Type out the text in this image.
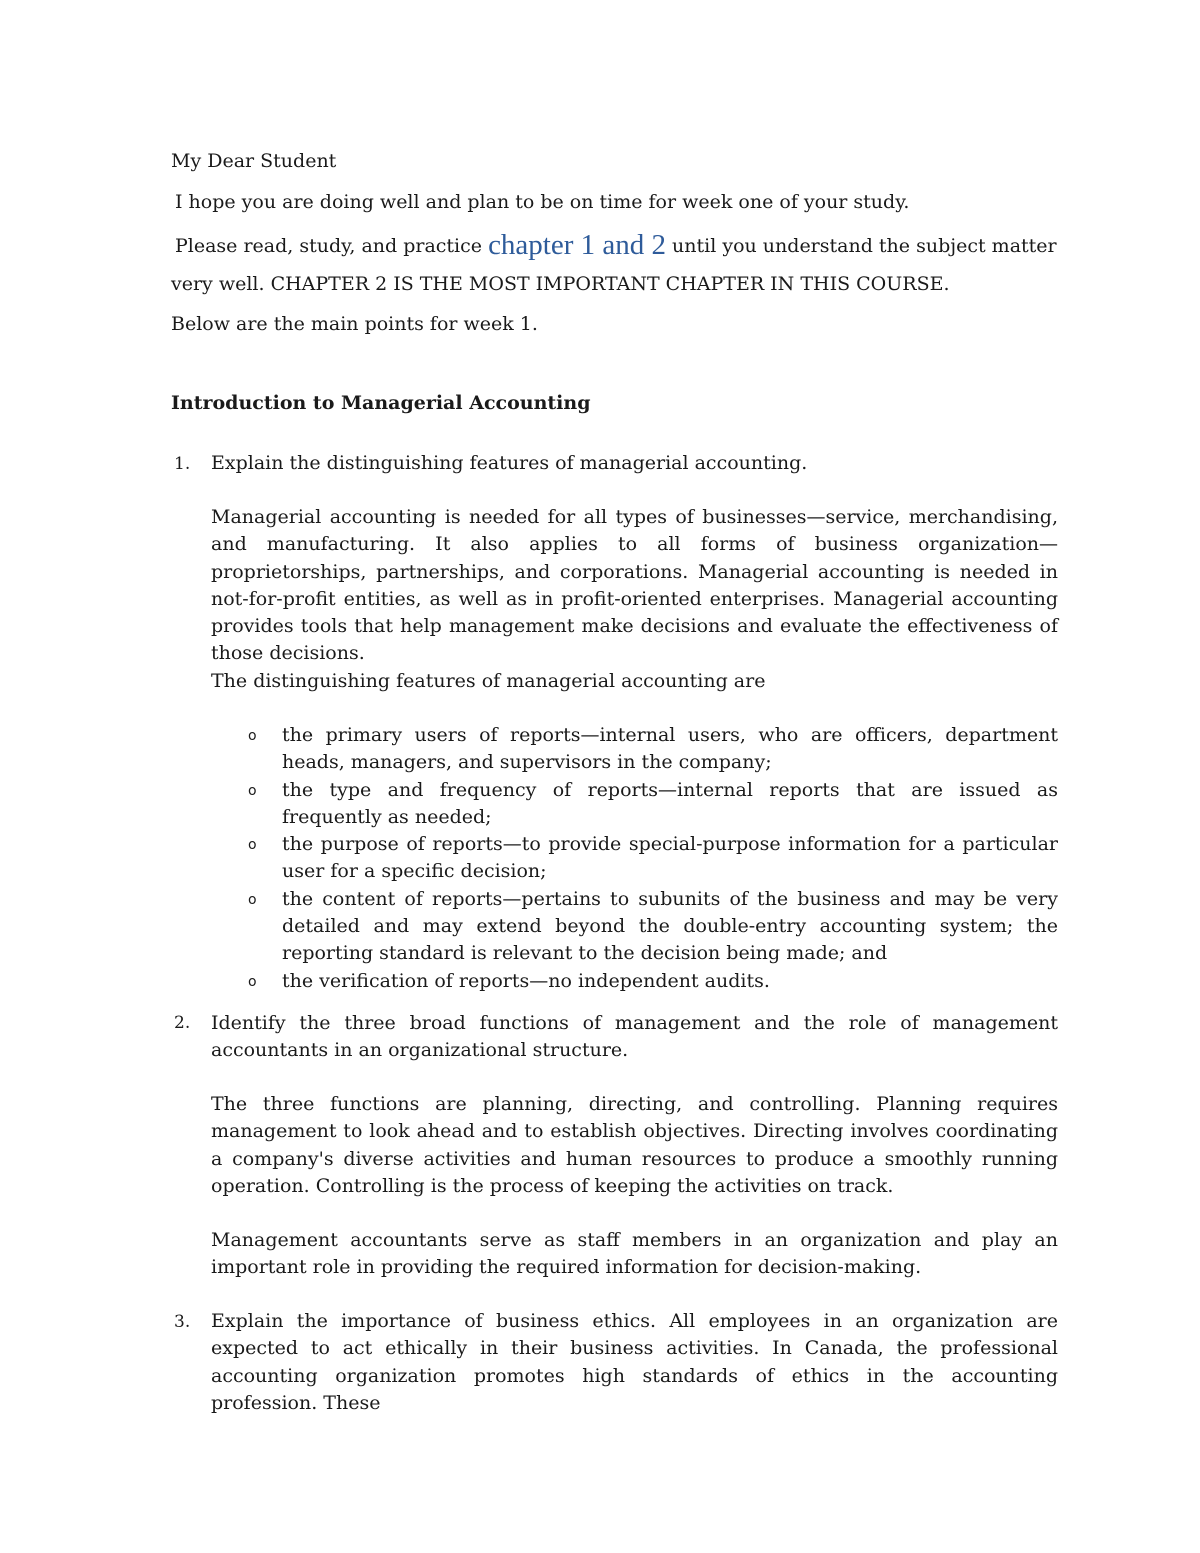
My Dear Student
I hope you are doing well and plan to be on time for week one of your study.
Please read, study, and practice chapter 1 and 2 until you understand the subject matter
very well. CHAPTER 2 IS THE MOST IMPORTANT CHAPTER IN THIS COURSE.
Below are the main points for week 1.
Introduction to Managerial Accounting
1. Explain the distinguishing features of managerial accounting.
Managerial accounting is needed for all types of businesses—service, merchandising, and manufacturing. It also applies to all forms of business organization—proprietorships, partnerships, and corporations. Managerial accounting is needed in not-for-profit entities, as well as in profit-oriented enterprises. Managerial accounting provides tools that help management make decisions and evaluate the effectiveness of those decisions.
The distinguishing features of managerial accounting are
o the primary users of reports—internal users, who are officers, department heads, managers, and supervisors in the company;
o the type and frequency of reports—internal reports that are issued as frequently as needed;
o the purpose of reports—to provide special-purpose information for a particular user for a specific decision;
o the content of reports—pertains to subunits of the business and may be very detailed and may extend beyond the double-entry accounting system; the reporting standard is relevant to the decision being made; and
o the verification of reports—no independent audits.
2. Identify the three broad functions of management and the role of management accountants in an organizational structure.
The three functions are planning, directing, and controlling. Planning requires management to look ahead and to establish objectives. Directing involves coordinating a company's diverse activities and human resources to produce a smoothly running operation. Controlling is the process of keeping the activities on track.
Management accountants serve as staff members in an organization and play an important role in providing the required information for decision-making.
3. Explain the importance of business ethics. All employees in an organization are expected to act ethically in their business activities. In Canada, the professional accounting organization promotes high standards of ethics in the accounting profession. These
